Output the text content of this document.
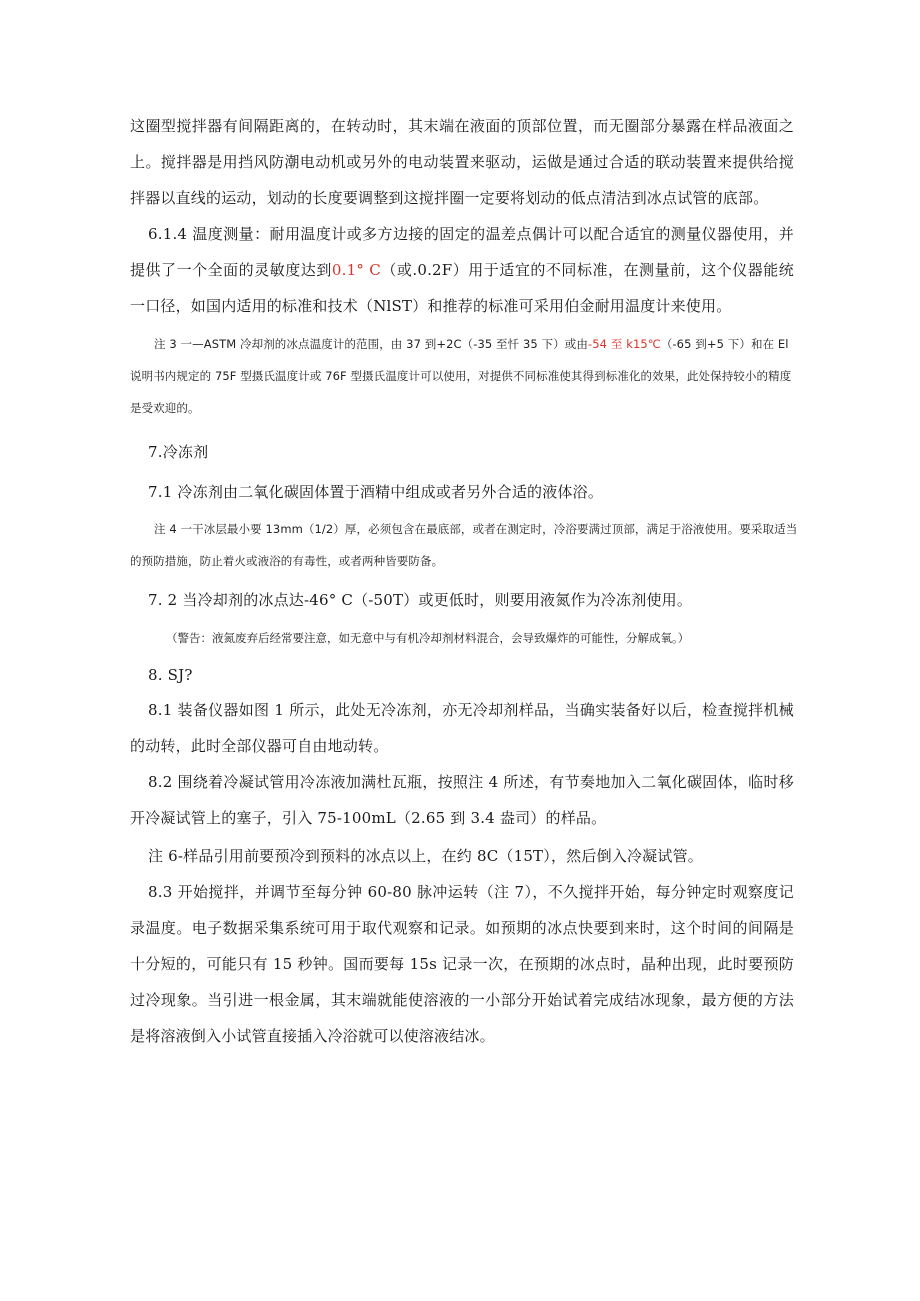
这圈型搅拌器有间隔距离的，在转动时，其末端在液面的顶部位置，而无圈部分暴露在样品液面之上。搅拌器是用挡风防潮电动机或另外的电动装置来驱动，运做是通过合适的联动装置来提供给搅拌器以直线的运动，划动的长度要调整到这搅拌圈一定要将划动的低点清洁到冰点试管的底部。

6.1.4 温度测量：耐用温度计或多方边接的固定的温差点偶计可以配合适宜的测量仪器使用，并提供了一个全面的灵敏度达到0.1° C（或.0.2F）用于适宜的不同标准，在测量前，这个仪器能统一口径，如国内适用的标准和技术（NlST）和推荐的标准可采用伯金耐用温度计来使用。

注 3 一—ASTM 冷却剂的冰点温度计的范围，由 37 到+2C（-35 至忏 35 下）或由-54 至 k15℃（-65 到+5 下）和在 El 说明书内规定的 75F 型摄氏温度计或 76F 型摄氏温度计可以使用，对提供不同标准使其得到标准化的效果，此处保持较小的精度是受欢迎的。

7.冷冻剂

7.1 冷冻剂由二氧化碳固体置于酒精中组成或者另外合适的液体浴。

注 4 一干冰层最小要 13mm（1/2）厚，必须包含在最底部，或者在测定时，冷浴要满过顶部，满足于浴液使用。要采取适当的预防措施，防止着火或液浴的有毒性，或者两种皆要防备。

7. 2 当冷却剂的冰点达-46° C（-50T）或更低时，则要用液氮作为冷冻剂使用。

（警告：液氮废弃后经常要注意，如无意中与有机冷却剂材料混合，会导致爆炸的可能性，分解成氧。）

8. SJ?

8.1 装备仪器如图 1 所示，此处无冷冻剂，亦无冷却剂样品，当确实装备好以后，检查搅拌机械的动转，此时全部仪器可自由地动转。

8.2 围绕着冷凝试管用冷冻液加满杜瓦瓶，按照注 4 所述，有节奏地加入二氧化碳固体，临时移开冷凝试管上的塞子，引入 75-100mL（2.65 到 3.4 盎司）的样品。

注 6-样品引用前要预冷到预料的冰点以上，在约 8C（15T），然后倒入冷凝试管。

8.3 开始搅拌，并调节至每分钟 60-80 脉冲运转（注 7），不久搅拌开始，每分钟定时观察度记录温度。电子数据采集系统可用于取代观察和记录。如预期的冰点快要到来时，这个时间的间隔是十分短的，可能只有 15 秒钟。国而要每 15s 记录一次，在预期的冰点时，晶种出现，此时要预防过冷现象。当引进一根金属，其末端就能使溶液的一小部分开始试着完成结冰现象，最方便的方法是将溶液倒入小试管直接插入冷浴就可以使溶液结冰。
